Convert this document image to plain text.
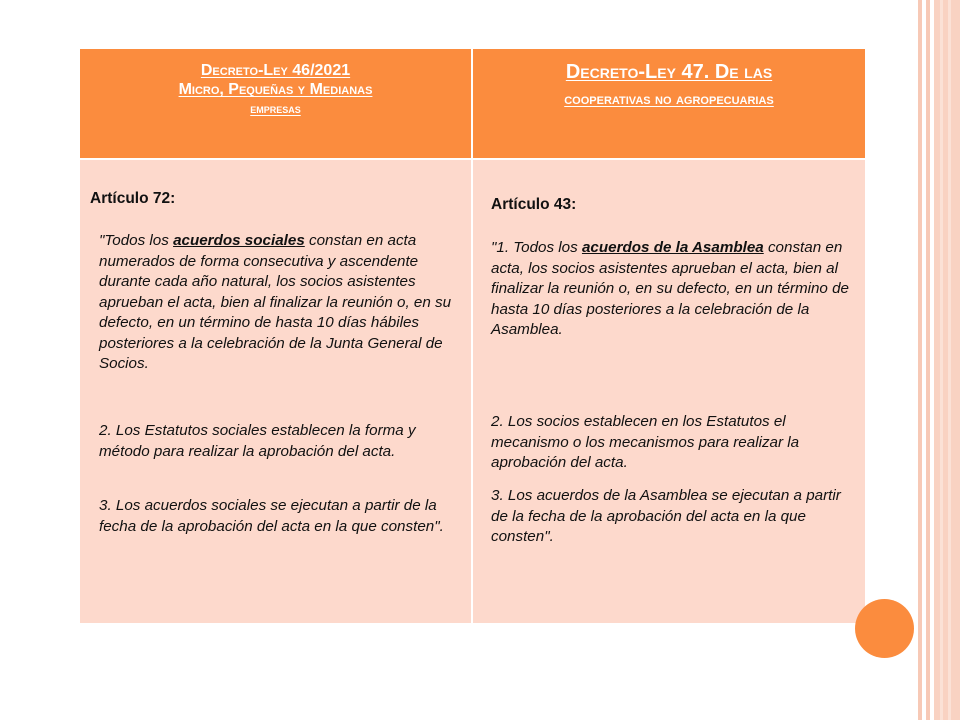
Decreto-Ley 46/2021
Micro, Pequeñas y Medianas
empresas
Decreto-Ley 47. De las
cooperativas no agropecuarias
Artículo 72:

"Todos los acuerdos sociales constan en acta numerados de forma consecutiva y ascendente durante cada año natural, los socios asistentes aprueban el acta, bien al finalizar la reunión o, en su defecto, en un término de hasta 10 días hábiles posteriores a la celebración de la Junta General de Socios.

2. Los Estatutos sociales establecen la forma y método para realizar la aprobación del acta.

3. Los acuerdos sociales se ejecutan a partir de la fecha de la aprobación del acta en la que consten".

Artículo 43:

"1. Todos los acuerdos de la Asamblea constan en acta, los socios asistentes aprueban el acta, bien al finalizar la reunión o, en su defecto, en un término de hasta 10 días posteriores a la celebración de la Asamblea.

2. Los socios establecen en los Estatutos el mecanismo o los mecanismos para realizar la aprobación del acta.

3. Los acuerdos de la Asamblea se ejecutan a partir de la fecha de la aprobación del acta en la que consten".
